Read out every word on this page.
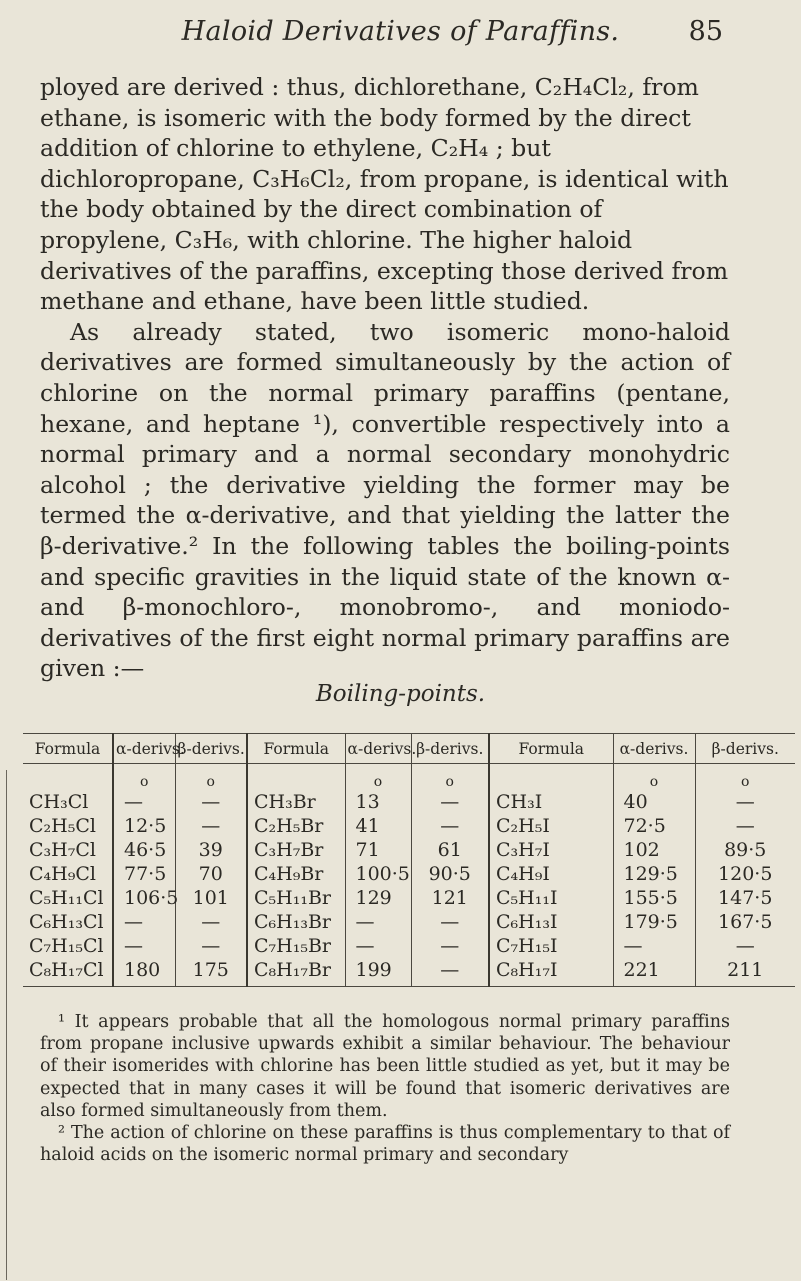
Haloid Derivatives of Paraffins.	85

ployed are derived : thus, dichlorethane, C₂H₄Cl₂, from ethane, is isomeric with the body formed by the direct addition of chlorine to ethylene, C₂H₄ ; but dichloropropane, C₃H₆Cl₂, from propane, is identical with the body obtained by the direct combination of propylene, C₃H₆, with chlorine. The higher haloid derivatives of the paraffins, excepting those derived from methane and ethane, have been little studied.

As already stated, two isomeric mono-haloid derivatives are formed simultaneously by the action of chlorine on the normal primary paraffins (pentane, hexane, and heptane ¹), convertible respectively into a normal primary and a normal secondary monohydric alcohol ; the derivative yielding the former may be termed the α-derivative, and that yielding the latter the β-derivative.² In the following tables the boiling-points and specific gravities in the liquid state of the known α- and β-monochloro-, monobromo-, and moniodo-derivatives of the first eight normal primary paraffins are given :—

Boiling-points.
Formula	α-derivs.	β-derivs.	Formula	α-derivs.	β-derivs.	Formula	α-derivs.	β-derivs.
	o	o		o	o		o	o
CH₃Cl	—	—	CH₃Br	13	—	CH₃I	40	—
C₂H₅Cl	12·5	—	C₂H₅Br	41	—	C₂H₅I	72·5	—
C₃H₇Cl	46·5	39	C₃H₇Br	71	61	C₃H₇I	102	89·5
C₄H₉Cl	77·5	70	C₄H₉Br	100·5	90·5	C₄H₉I	129·5	120·5
C₅H₁₁Cl	106·5	101	C₅H₁₁Br	129	121	C₅H₁₁I	155·5	147·5
C₆H₁₃Cl	—	—	C₆H₁₃Br	—	—	C₆H₁₃I	179·5	167·5
C₇H₁₅Cl	—	—	C₇H₁₅Br	—	—	C₇H₁₅I	—	—
C₈H₁₇Cl	180	175	C₈H₁₇Br	199	—	C₈H₁₇I	221	211

¹ It appears probable that all the homologous normal primary paraffins from propane inclusive upwards exhibit a similar behaviour. The behaviour of their isomerides with chlorine has been little studied as yet, but it may be expected that in many cases it will be found that isomeric derivatives are also formed simultaneously from them.

² The action of chlorine on these paraffins is thus complementary to that of haloid acids on the isomeric normal primary and secondary
